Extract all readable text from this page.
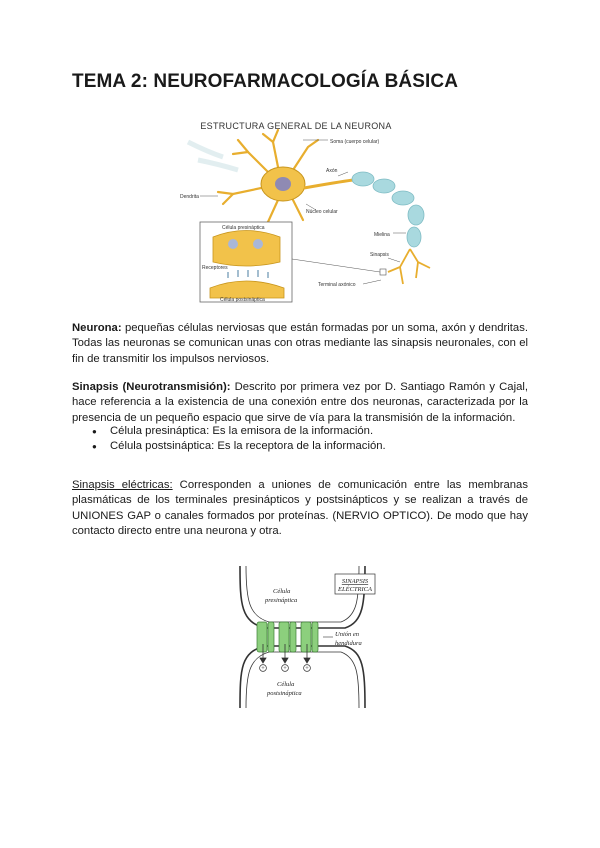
TEMA 2: NEUROFARMACOLOGÍA BÁSICA
ESTRUCTURA GENERAL DE LA NEURONA
Soma (cuerpo celular)
Axón
Dendrita
Núcleo celular
Mielina
Sinapsis
Terminal axónico
Célula presináptica
Receptores
Célula postsináptica

Neurona: pequeñas células nerviosas que están formadas por un soma, axón y dendritas. Todas las neuronas se comunican unas con otras mediante las sinapsis neuronales, con el fin de transmitir los impulsos nerviosos.

Sinapsis (Neurotransmisión): Descrito por primera vez por D. Santiago Ramón y Cajal, hace referencia a la existencia de una conexión entre dos neuronas, caracterizada por la presencia de un pequeño espacio que sirve de vía para la transmisión de la información.

● Célula presináptica: Es la emisora de la información.
● Célula postsináptica: Es la receptora de la información.

Sinapsis eléctricas: Corresponden a uniones de comunicación entre las membranas plasmáticas de los terminales presinápticos y postsinápticos y se realizan a través de UNIONES GAP o canales formados por proteínas. (NERVIO OPTICO). De modo que hay contacto directo entre una neurona y otra.

+	+	+
SINAPSIS
ELÉCTRICA
Célula
presináptica
Unión en
hendidura
Célula
postsináptica
